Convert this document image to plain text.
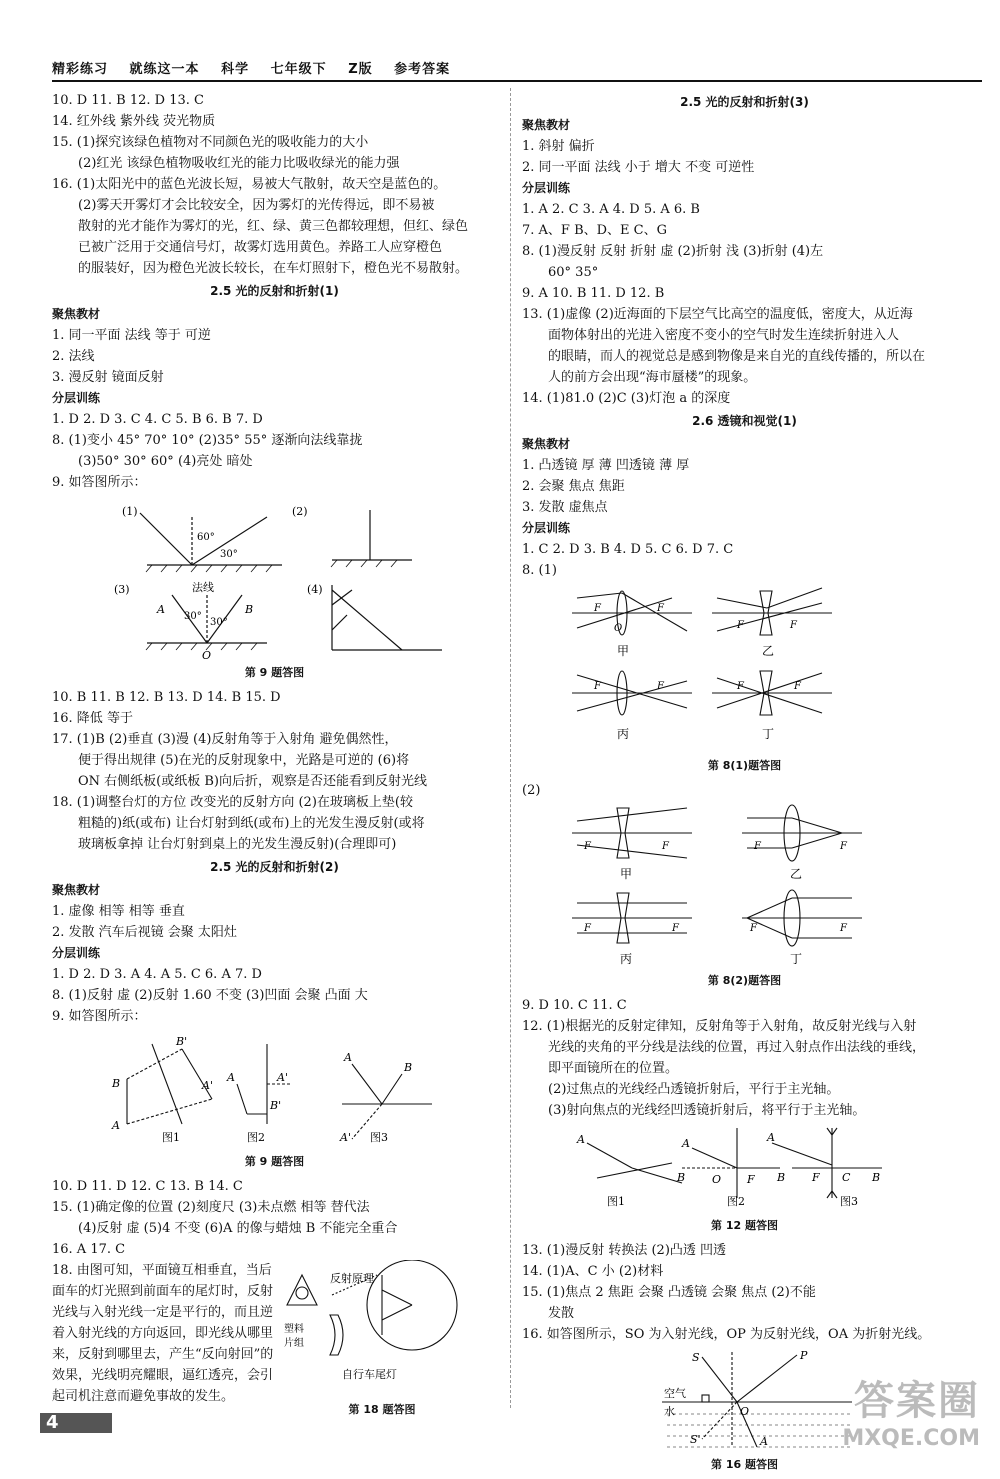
精彩练习 就练这一本 科学 七年级下 Z版 参考答案
10. D 11. B 12. D 13. C
14. 红外线 紫外线 荧光物质
15. (1)探究该绿色植物对不同颜色光的吸收能力的大小
(2)红光 该绿色植物吸收红光的能力比吸收绿光的能力强
16. (1)太阳光中的蓝色光波长短，易被大气散射，故天空是蓝色的。
(2)雾天开雾灯才会比较安全，因为雾灯的光传得远，即不易被
散射的光才能作为雾灯的光，红、绿、黄三色都较理想，但红、绿色
已被广泛用于交通信号灯，故雾灯选用黄色。养路工人应穿橙色
的服装好，因为橙色光波长较长，在车灯照射下，橙色光不易散射。
2.5 光的反射和折射(1)
聚焦教材
1. 同一平面 法线 等于 可逆
2. 法线
3. 漫反射 镜面反射
分层训练
1. D 2. D 3. C 4. C 5. B 6. B 7. D
8. (1)变小 45° 70° 10° (2)35° 55° 逐渐向法线靠拢
(3)50° 30° 60° (4)亮处 暗处
9. 如答图所示：
(1)	(2)
(3)	(4)
60°
30°
法线
A	B
30°
30°
O
第 9 题答图
10. B 11. B 12. B 13. D 14. B 15. D
16. 降低 等于
17. (1)B (2)垂直 (3)漫 (4)反射角等于入射角 避免偶然性，
便于得出规律 (5)在光的反射现象中，光路是可逆的 (6)将
ON 右侧纸板(或纸板 B)向后折，观察是否还能看到反射光线
18. (1)调整台灯的方位 改变光的反射方向 (2)在玻璃板上垫(较
粗糙的)纸(或布) 让台灯射到纸(或布)上的光发生漫反射(或将
玻璃板拿掉 让台灯射到桌上的光发生漫反射)(合理即可)
2.5 光的反射和折射(2)
聚焦教材
1. 虚像 相等 相等 垂直
2. 发散 汽车后视镜 会聚 太阳灶
分层训练
1. D 2. D 3. A 4. A 5. C 6. A 7. D
8. (1)反射 虚 (2)反射 1.60 不变 (3)凹面 会聚 凸面 大
9. 如答图所示：
B'
B	A'
A
A	A'
B'
A
B
A'
图1	图2	图3
第 9 题答图
10. D 11. D 12. C 13. B 14. C
15. (1)确定像的位置 (2)刻度尺 (3)未点燃 相等 替代法
(4)反射 虚 (5)4 不变 (6)A 的像与蜡烛 B 不能完全重合
16. A 17. C
18. 由图可知，平面镜互相垂直，当后面车的灯光照到前面车的尾灯时，反射光线与入射光线一定是平行的，而且逆着入射光线的方向返回，即光线从哪里来，反射到哪里去，产生“反向射回”的效果，光线明亮耀眼，逼红透亮，会引起司机注意而避免事故的发生。
反射原理
塑料
片组
自行车尾灯
第 18 题答图
2.5 光的反射和折射(3)
聚焦教材
1. 斜射 偏折
2. 同一平面 法线 小于 增大 不变 可逆性
分层训练
1. A 2. C 3. A 4. D 5. A 6. B
7. A、F B、D、E C、G
8. (1)漫反射 反射 折射 虚 (2)折射 浅 (3)折射 (4)左
60° 35°
9. A 10. B 11. D 12. B
13. (1)虚像 (2)近海面的下层空气比高空的温度低，密度大，从近海
面物体射出的光进入密度不变小的空气时发生连续折射进入人
的眼睛，而人的视觉总是感到物像是来自光的直线传播的，所以在
人的前方会出现“海市蜃楼”的现象。
14. (1)81.0 (2)C (3)灯泡 a 的深度
2.6 透镜和视觉(1)
聚焦教材
1. 凸透镜 厚 薄 凹透镜 薄 厚
2. 会聚 焦点 焦距
3. 发散 虚焦点
分层训练
1. C 2. D 3. B 4. D 5. C 6. D 7. C
8. (1)
F
O
F
F	F
甲	乙
F	F	F	F
丙	丁
第 8(1)题答图
(2)
F	F	F	F
甲	乙
F	F	F	F
丙	丁
第 8(2)题答图
9. D 10. C 11. C
12. (1)根据光的反射定律知，反射角等于入射角，故反射光线与入射
光线的夹角的平分线是法线的位置，再过入射点作出法线的垂线，
即平面镜所在的位置。
(2)过焦点的光线经凸透镜折射后，平行于主光轴。
(3)射向焦点的光线经凹透镜折射后，将平行于主光轴。
A
B
A
O F B
A
F C B
图1	图2	图3
第 12 题答图
13. (1)漫反射 转换法 (2)凸透 凹透
14. (1)A、C 小 (2)材料
15. (1)焦点 2 焦距 会聚 凸透镜 会聚 焦点 (2)不能
发散
16. 如答图所示，SO 为入射光线，OP 为反射光线，OA 为折射光线。
S	P
空气
水	O
S'	A
第 16 题答图
4	答案圈
MXQE.COM
